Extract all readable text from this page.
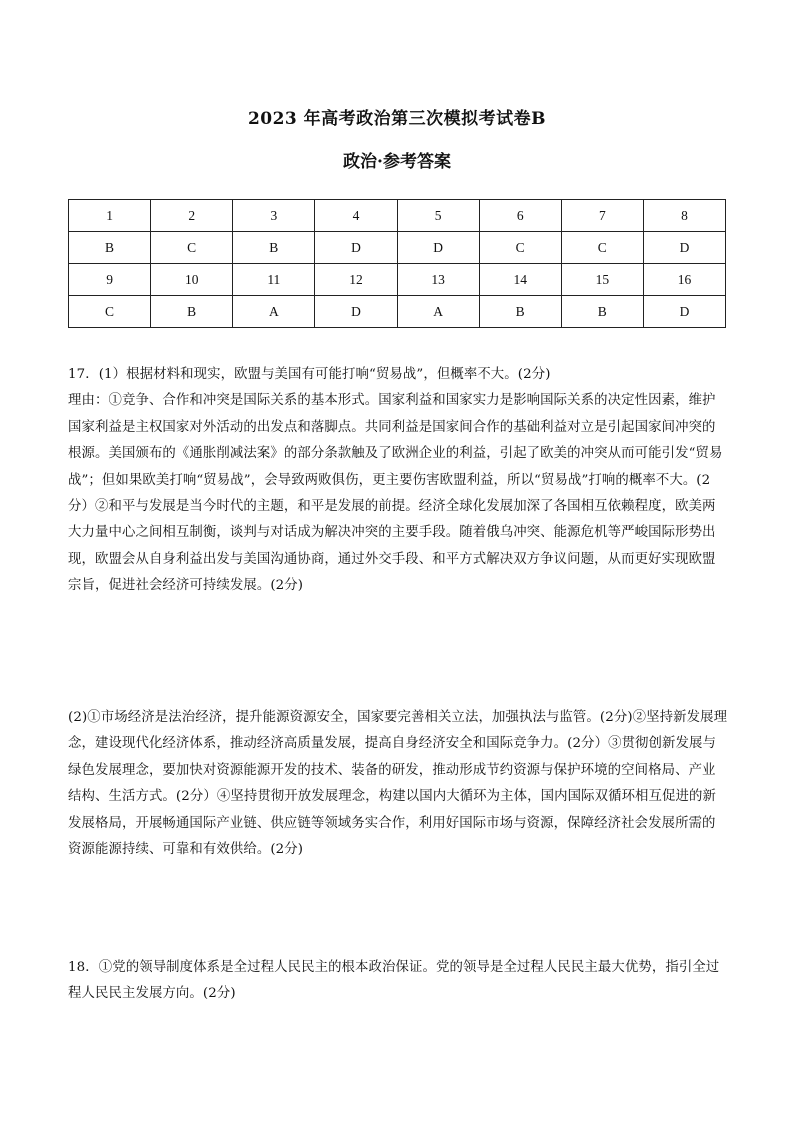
2023 年高考政治第三次模拟考试卷B
政治·参考答案
1	2	3	4	5	6	7	8
B	C	B	D	D	C	C	D
9	10	11	12	13	14	15	16
C	B	A	D	A	B	B	D

17．(1）根据材料和现实，欧盟与美国有可能打响“贸易战”，但概率不大。(2分)

理由：①竞争、合作和冲突是国际关系的基本形式。国家利益和国家实力是影响国际关系的决定性因素，维护国家利益是主权国家对外活动的出发点和落脚点。共同利益是国家间合作的基础利益对立是引起国家间冲突的根源。美国颁布的《通胀削减法案》的部分条款触及了欧洲企业的利益，引起了欧美的冲突从而可能引发“贸易战”；但如果欧美打响“贸易战”，会导致两败俱伤，更主要伤害欧盟利益，所以“贸易战”打响的概率不大。(2分）②和平与发展是当今时代的主题，和平是发展的前提。经济全球化发展加深了各国相互依赖程度，欧美两大力量中心之间相互制衡，谈判与对话成为解决冲突的主要手段。随着俄乌冲突、能源危机等严峻国际形势出现，欧盟会从自身利益出发与美国沟通协商，通过外交手段、和平方式解决双方争议问题，从而更好实现欧盟宗旨，促进社会经济可持续发展。(2分)

(2)①市场经济是法治经济，提升能源资源安全，国家要完善相关立法，加强执法与监管。(2分)②坚持新发展理念，建设现代化经济体系，推动经济高质量发展，提高自身经济安全和国际竞争力。(2分）③贯彻创新发展与绿色发展理念，要加快对资源能源开发的技术、装备的研发，推动形成节约资源与保护环境的空间格局、产业结构、生活方式。(2分）④坚持贯彻开放发展理念，构建以国内大循环为主体，国内国际双循环相互促进的新发展格局，开展畅通国际产业链、供应链等领域务实合作，利用好国际市场与资源，保障经济社会发展所需的资源能源持续、可靠和有效供给。(2分)

18．①党的领导制度体系是全过程人民民主的根本政治保证。党的领导是全过程人民民主最大优势，指引全过程人民民主发展方向。(2分)
